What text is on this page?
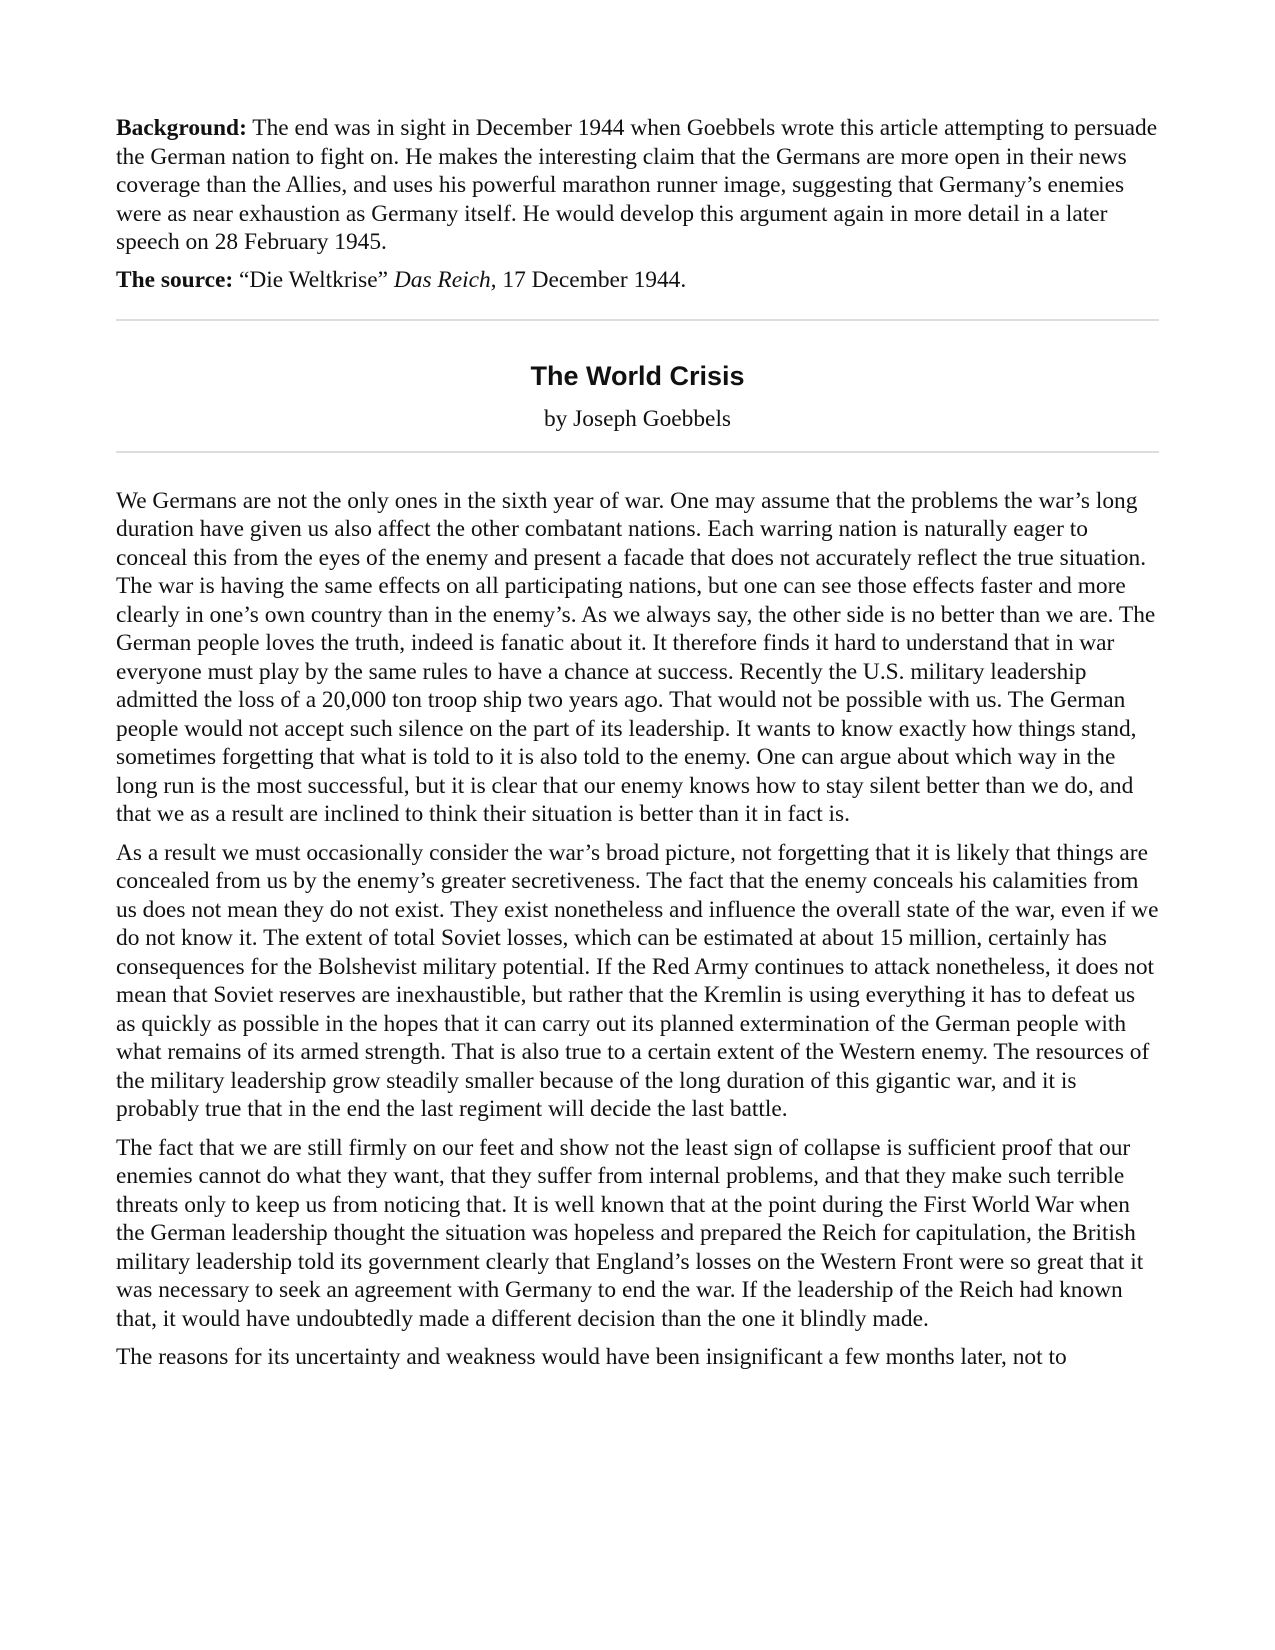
Background: The end was in sight in December 1944 when Goebbels wrote this article attempting to persuade the German nation to fight on. He makes the interesting claim that the Germans are more open in their news coverage than the Allies, and uses his powerful marathon runner image, suggesting that Germany’s enemies were as near exhaustion as Germany itself. He would develop this argument again in more detail in a later speech on 28 February 1945.

The source: “Die Weltkrise” Das Reich, 17 December 1944.

The World Crisis

by Joseph Goebbels

We Germans are not the only ones in the sixth year of war. One may assume that the problems the war’s long duration have given us also affect the other combatant nations. Each warring nation is naturally eager to conceal this from the eyes of the enemy and present a facade that does not accurately reflect the true situation. The war is having the same effects on all participating nations, but one can see those effects faster and more clearly in one’s own country than in the enemy’s. As we always say, the other side is no better than we are. The German people loves the truth, indeed is fanatic about it. It therefore finds it hard to understand that in war everyone must play by the same rules to have a chance at success. Recently the U.S. military leadership admitted the loss of a 20,000 ton troop ship two years ago. That would not be possible with us. The German people would not accept such silence on the part of its leadership. It wants to know exactly how things stand, sometimes forgetting that what is told to it is also told to the enemy. One can argue about which way in the long run is the most successful, but it is clear that our enemy knows how to stay silent better than we do, and that we as a result are inclined to think their situation is better than it in fact is.

As a result we must occasionally consider the war’s broad picture, not forgetting that it is likely that things are concealed from us by the enemy’s greater secretiveness. The fact that the enemy conceals his calamities from us does not mean they do not exist. They exist nonetheless and influence the overall state of the war, even if we do not know it. The extent of total Soviet losses, which can be estimated at about 15 million, certainly has consequences for the Bolshevist military potential. If the Red Army continues to attack nonetheless, it does not mean that Soviet reserves are inexhaustible, but rather that the Kremlin is using everything it has to defeat us as quickly as possible in the hopes that it can carry out its planned extermination of the German people with what remains of its armed strength. That is also true to a certain extent of the Western enemy. The resources of the military leadership grow steadily smaller because of the long duration of this gigantic war, and it is probably true that in the end the last regiment will decide the last battle.

The fact that we are still firmly on our feet and show not the least sign of collapse is sufficient proof that our enemies cannot do what they want, that they suffer from internal problems, and that they make such terrible threats only to keep us from noticing that. It is well known that at the point during the First World War when the German leadership thought the situation was hopeless and prepared the Reich for capitulation, the British military leadership told its government clearly that England’s losses on the Western Front were so great that it was necessary to seek an agreement with Germany to end the war. If the leadership of the Reich had known that, it would have undoubtedly made a different decision than the one it blindly made.

The reasons for its uncertainty and weakness would have been insignificant a few months later, not to
